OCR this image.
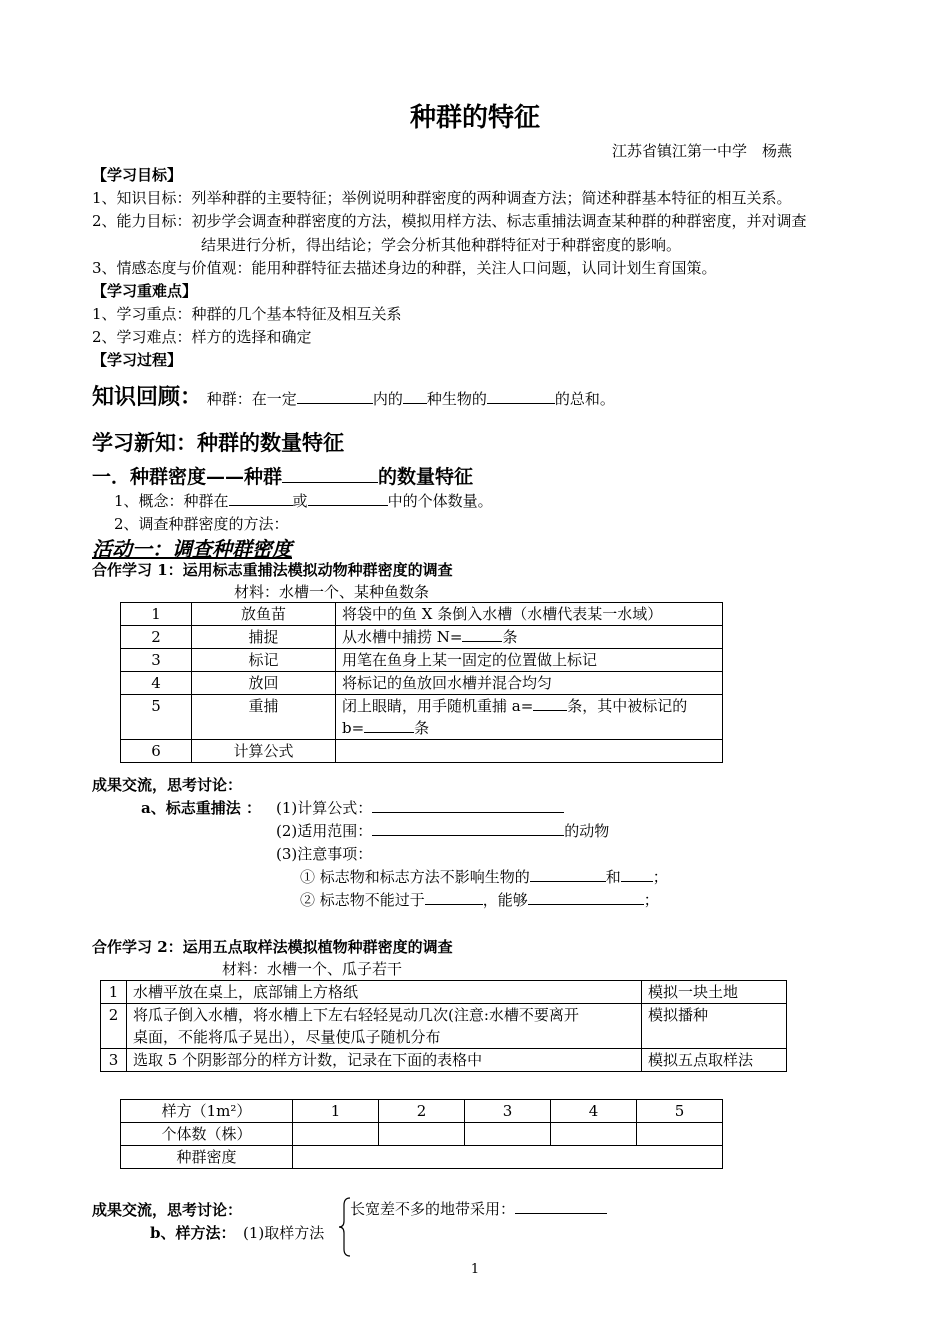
种群的特征
江苏省镇江第一中学　杨燕
【学习目标】
1、知识目标：列举种群的主要特征；举例说明种群密度的两种调查方法；简述种群基本特征的相互关系。
2、能力目标：初步学会调查种群密度的方法，模拟用样方法、标志重捕法调查某种群的种群密度，并对调查
结果进行分析，得出结论；学会分析其他种群特征对于种群密度的影响。
3、情感态度与价值观：能用种群特征去描述身边的种群，关注人口问题，认同计划生育国策。
【学习重难点】
1、学习重点：种群的几个基本特征及相互关系
2、学习难点：样方的选择和确定
【学习过程】
知识回顾： 种群：在一定	内的 种生物的	的总和。
学习新知：种群的数量特征
一．种群密度——种群	的数量特征
1、概念：种群在	或	中的个体数量。
2、调查种群密度的方法：
活动一：调查种群密度
合作学习 1：运用标志重捕法模拟动物种群密度的调查
材料：水槽一个、某种鱼数条
1	放鱼苗	将袋中的鱼 X 条倒入水槽（水槽代表某一水域）
2	捕捉	从水槽中捕捞 N= 条
3	标记	用笔在鱼身上某一固定的位置做上标记
4	放回	将标记的鱼放回水槽并混合均匀
5	重捕	闭上眼睛，用手随机重捕 a= 条，其中被标记的
b= 条
6	计算公式	
成果交流，思考讨论：
a、标志重捕法 ： (1)计算公式：
(2)适用范围：	的动物
(3)注意事项：
① 标志物和标志方法不影响生物的	和 ；
② 标志物不能过于	，能够	；
合作学习 2：运用五点取样法模拟植物种群密度的调查
材料：水槽一个、瓜子若干
1	水槽平放在桌上，底部铺上方格纸	模拟一块土地
2	将瓜子倒入水槽，将水槽上下左右轻轻晃动几次(注意:水槽不要离开
桌面，不能将瓜子晃出），尽量使瓜子随机分布	模拟播种
3	选取 5 个阴影部分的样方计数，记录在下面的表格中	模拟五点取样法
样方（1m²）	1	2	3	4	5
个体数（株）					
种群密度					
成果交流，思考讨论：
b、样方法： (1)取样方法
长宽差不多的地带采用：
1
